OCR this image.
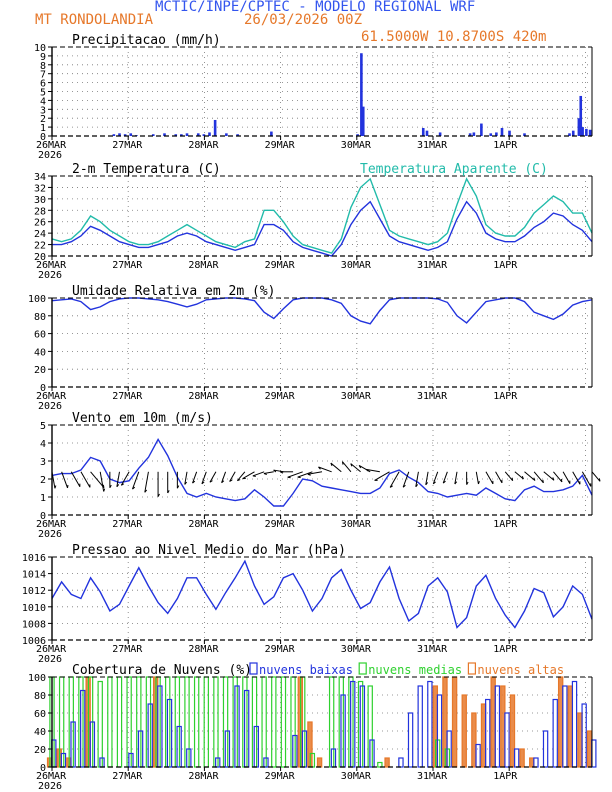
MCTIC/INPE/CPTEC - MODELO REGIONAL WRF
MT RONDOLANDIA	26/03/2026 00Z
61.5000W 10.8700S 420m
0
1
2
3
4
5
6
7
8
9
10
26MAR	27MAR	28MAR	29MAR	30MAR	31MAR	1APR
2026
Precipitacao (mm/h)
20
22
24
26
28
30
32
34
26MAR	27MAR	28MAR	29MAR	30MAR	31MAR	1APR
2026
2-m Temperatura (C)	Temperatura Aparente (C)
0
20
40
60
80
100
26MAR	27MAR	28MAR	29MAR	30MAR	31MAR	1APR
2026
Umidade Relativa em 2m (%)
0
1
2
3
4
5
26MAR	27MAR	28MAR	29MAR	30MAR	31MAR	1APR
2026
Vento em 10m (m/s)
1006
1008
1010
1012
1014
1016
26MAR	27MAR	28MAR	29MAR	30MAR	31MAR	1APR
2026
Pressao ao Nivel Medio do Mar (hPa)
0
20
40
60
80
100
26MAR	27MAR	28MAR	29MAR	30MAR	31MAR	1APR
2026
Cobertura de Nuvens (%) nuvens baixas nuvens medias nuvens altas
